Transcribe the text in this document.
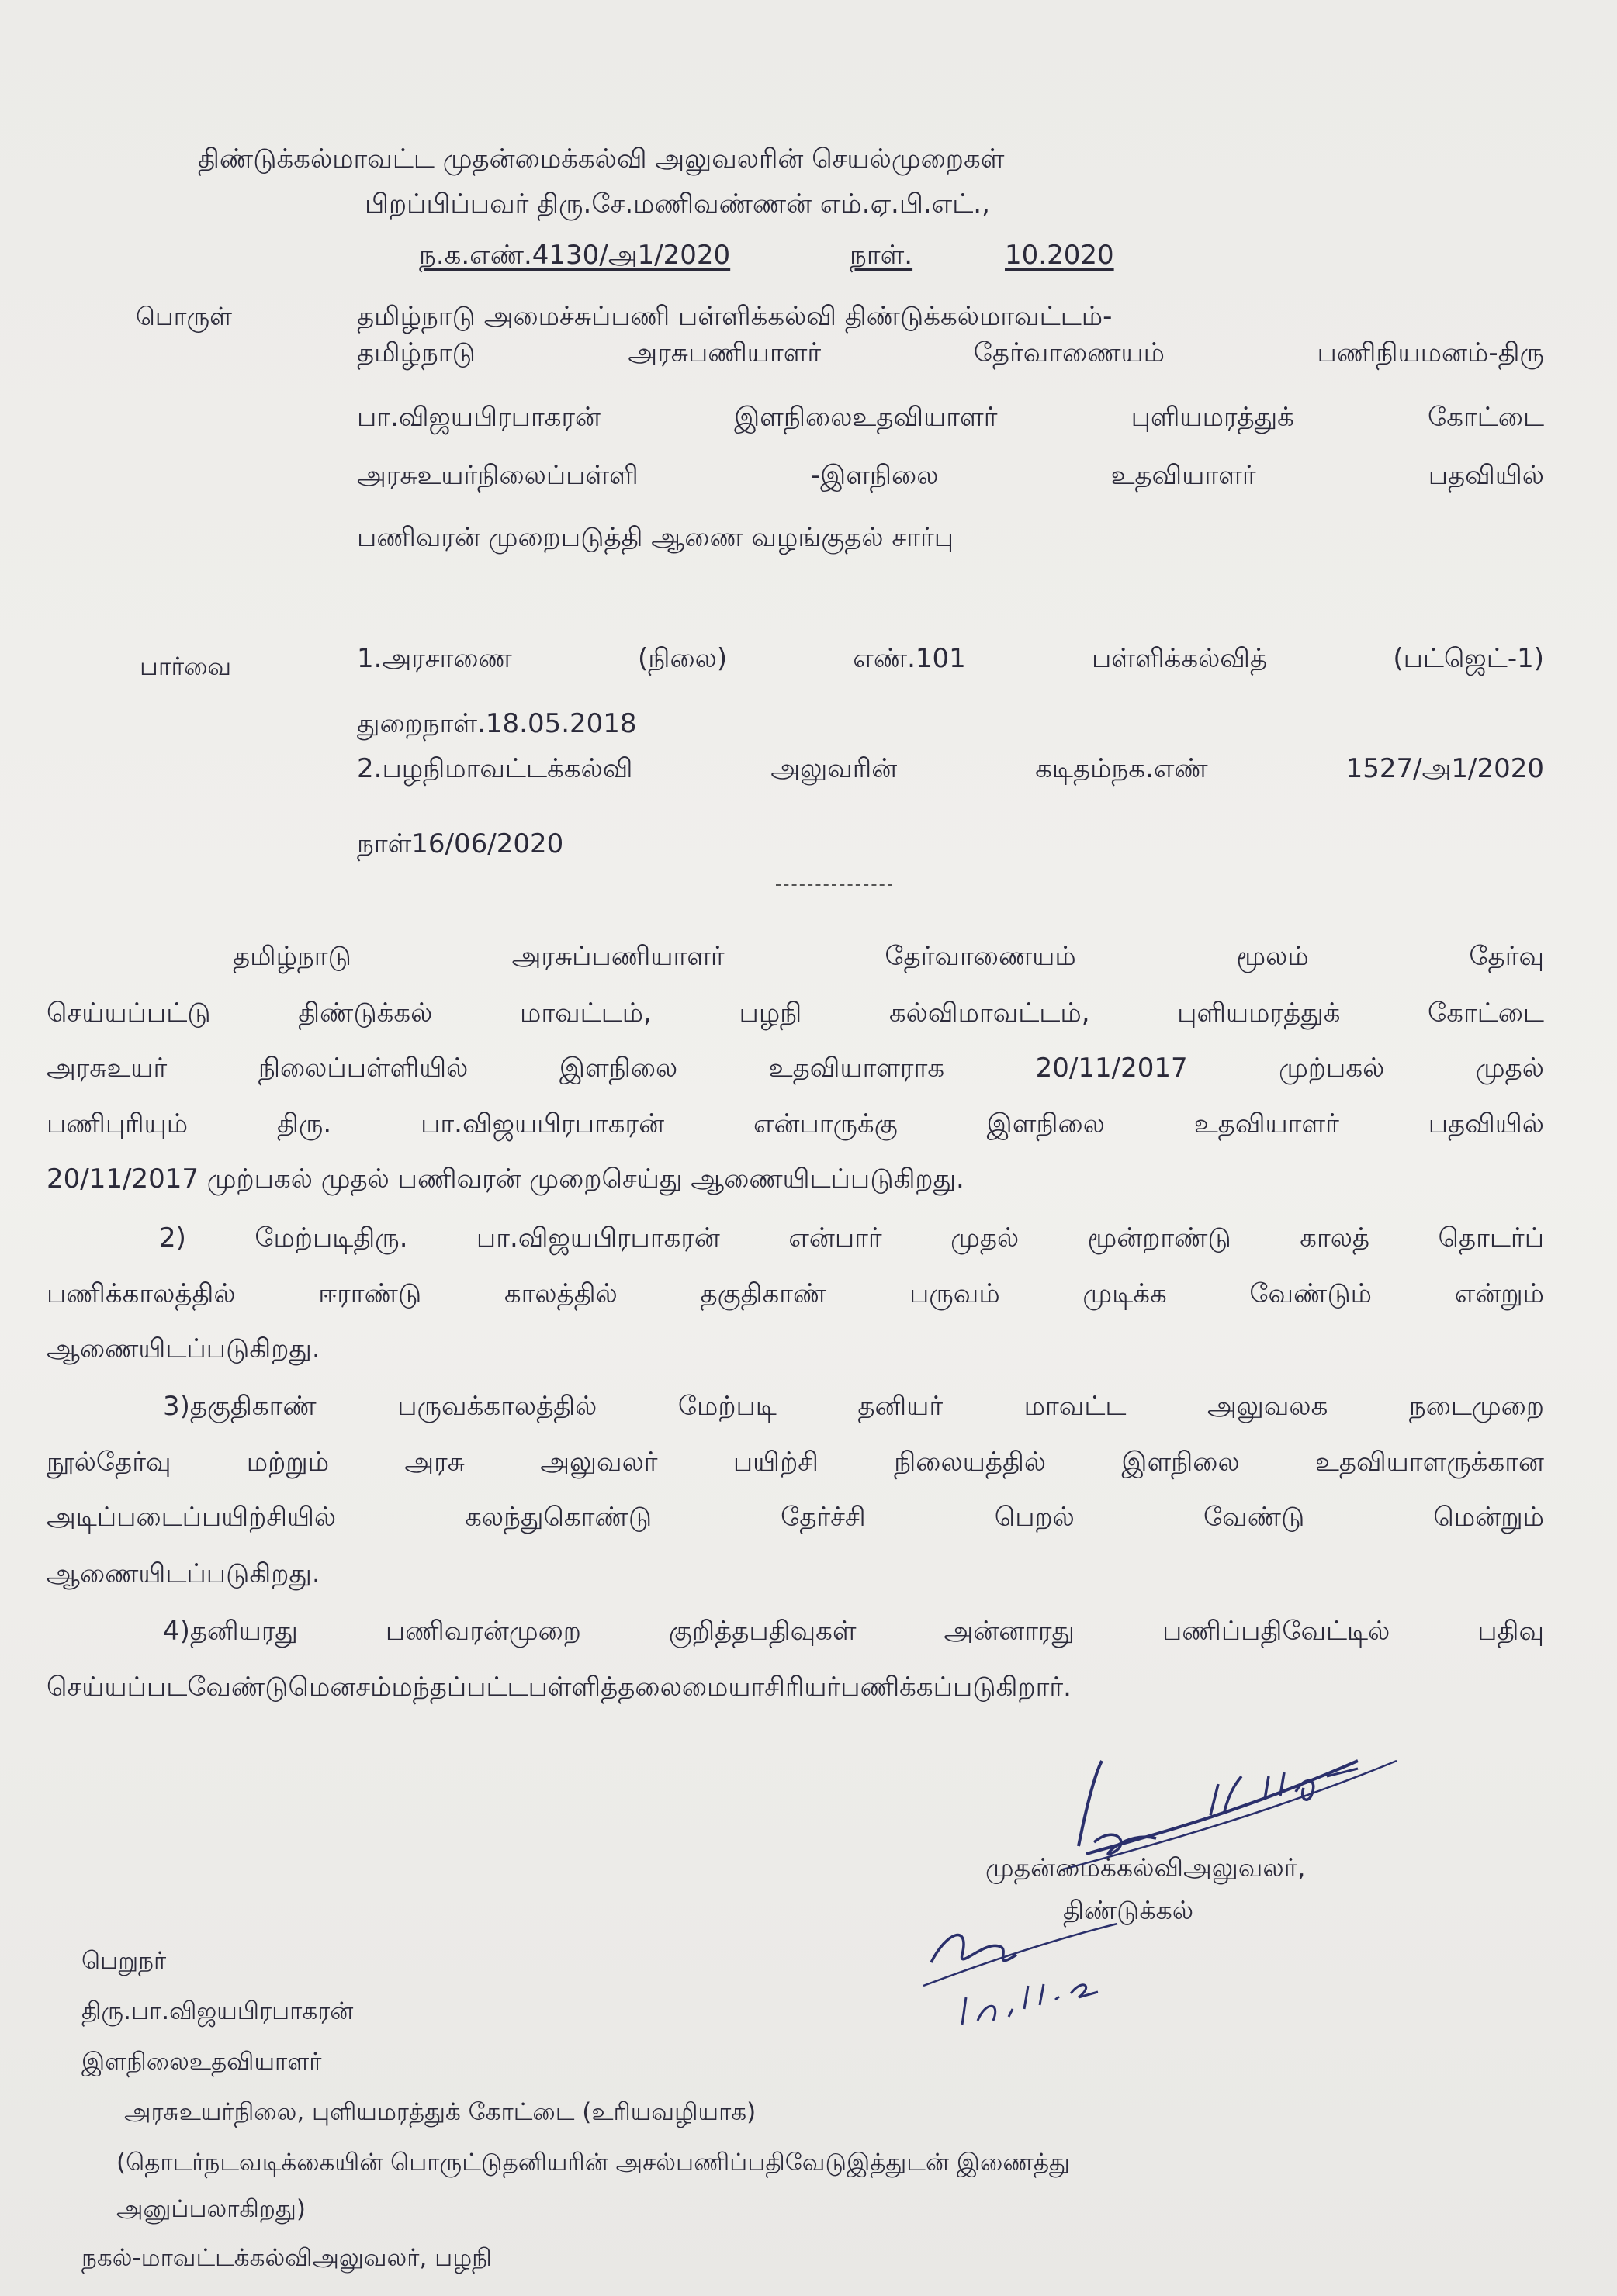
திண்டுக்கல்மாவட்ட முதன்மைக்கல்வி அலுவலரின் செயல்முறைகள்
பிறப்பிப்பவர் திரு.சே.மணிவண்ணன் எம்.ஏ.பி.எட்.,
ந.க.எண்.4130/அ1/2020	நாள்.	10.2020
பொருள்	தமிழ்நாடு அமைச்சுப்பணி பள்ளிக்கல்வி திண்டுக்கல்மாவட்டம்-
தமிழ்நாடு அரசுபணியாளர் தேர்வாணையம் பணிநியமனம்-திரு
பா.விஜயபிரபாகரன் இளநிலைஉதவியாளர் புளியமரத்துக் கோட்டை
அரசுஉயர்நிலைப்பள்ளி -இளநிலை உதவியாளர் பதவியில்
பணிவரன் முறைபடுத்தி ஆணை வழங்குதல் சார்பு
பார்வை	1.அரசாணை (நிலை) எண்.101 பள்ளிக்கல்வித் (பட்ஜெட்-1)
துறைநாள்.18.05.2018
2.பழநிமாவட்டக்கல்வி அலுவரின் கடிதம்நக.எண் 1527/அ1/2020
நாள்16/06/2020
தமிழ்நாடு அரசுப்பணியாளர் தேர்வாணையம் மூலம் தேர்வு
செய்யப்பட்டு திண்டுக்கல் மாவட்டம், பழநி கல்விமாவட்டம், புளியமரத்துக் கோட்டை
அரசுஉயர் நிலைப்பள்ளியில் இளநிலை உதவியாளராக 20/11/2017 முற்பகல் முதல்
பணிபுரியும் திரு. பா.விஜயபிரபாகரன் என்பாருக்கு இளநிலை உதவியாளர் பதவியில்
20/11/2017 முற்பகல் முதல் பணிவரன் முறைசெய்து ஆணையிடப்படுகிறது.
2) மேற்படிதிரு. பா.விஜயபிரபாகரன் என்பார் முதல் மூன்றாண்டு காலத் தொடர்ப்
பணிக்காலத்தில் ஈராண்டு காலத்தில் தகுதிகாண் பருவம் முடிக்க வேண்டும் என்றும்
ஆணையிடப்படுகிறது.
3)தகுதிகாண் பருவக்காலத்தில் மேற்படி தனியர் மாவட்ட அலுவலக நடைமுறை
நூல்தேர்வு மற்றும் அரசு அலுவலர் பயிற்சி நிலையத்தில் இளநிலை உதவியாளருக்கான
அடிப்படைப்பயிற்சியில் கலந்துகொண்டு தேர்ச்சி பெறல் வேண்டு மென்றும்
ஆணையிடப்படுகிறது.
4)தனியரது பணிவரன்முறை குறித்தபதிவுகள் அன்னாரது பணிப்பதிவேட்டில் பதிவு
செய்யப்படவேண்டுமெனசம்மந்தப்பட்டபள்ளித்தலைமையாசிரியர்பணிக்கப்படுகிறார்.
முதன்மைக்கல்விஅலுவலர்,
திண்டுக்கல்
பெறுநர்
திரு.பா.விஜயபிரபாகரன்
இளநிலைஉதவியாளர்
அரசுஉயர்நிலை, புளியமரத்துக் கோட்டை (உரியவழியாக)
(தொடர்நடவடிக்கையின் பொருட்டுதனியரின் அசல்பணிப்பதிவேடுஇத்துடன் இணைத்து
அனுப்பலாகிறது)
நகல்-மாவட்டக்கல்விஅலுவலர், பழநி
